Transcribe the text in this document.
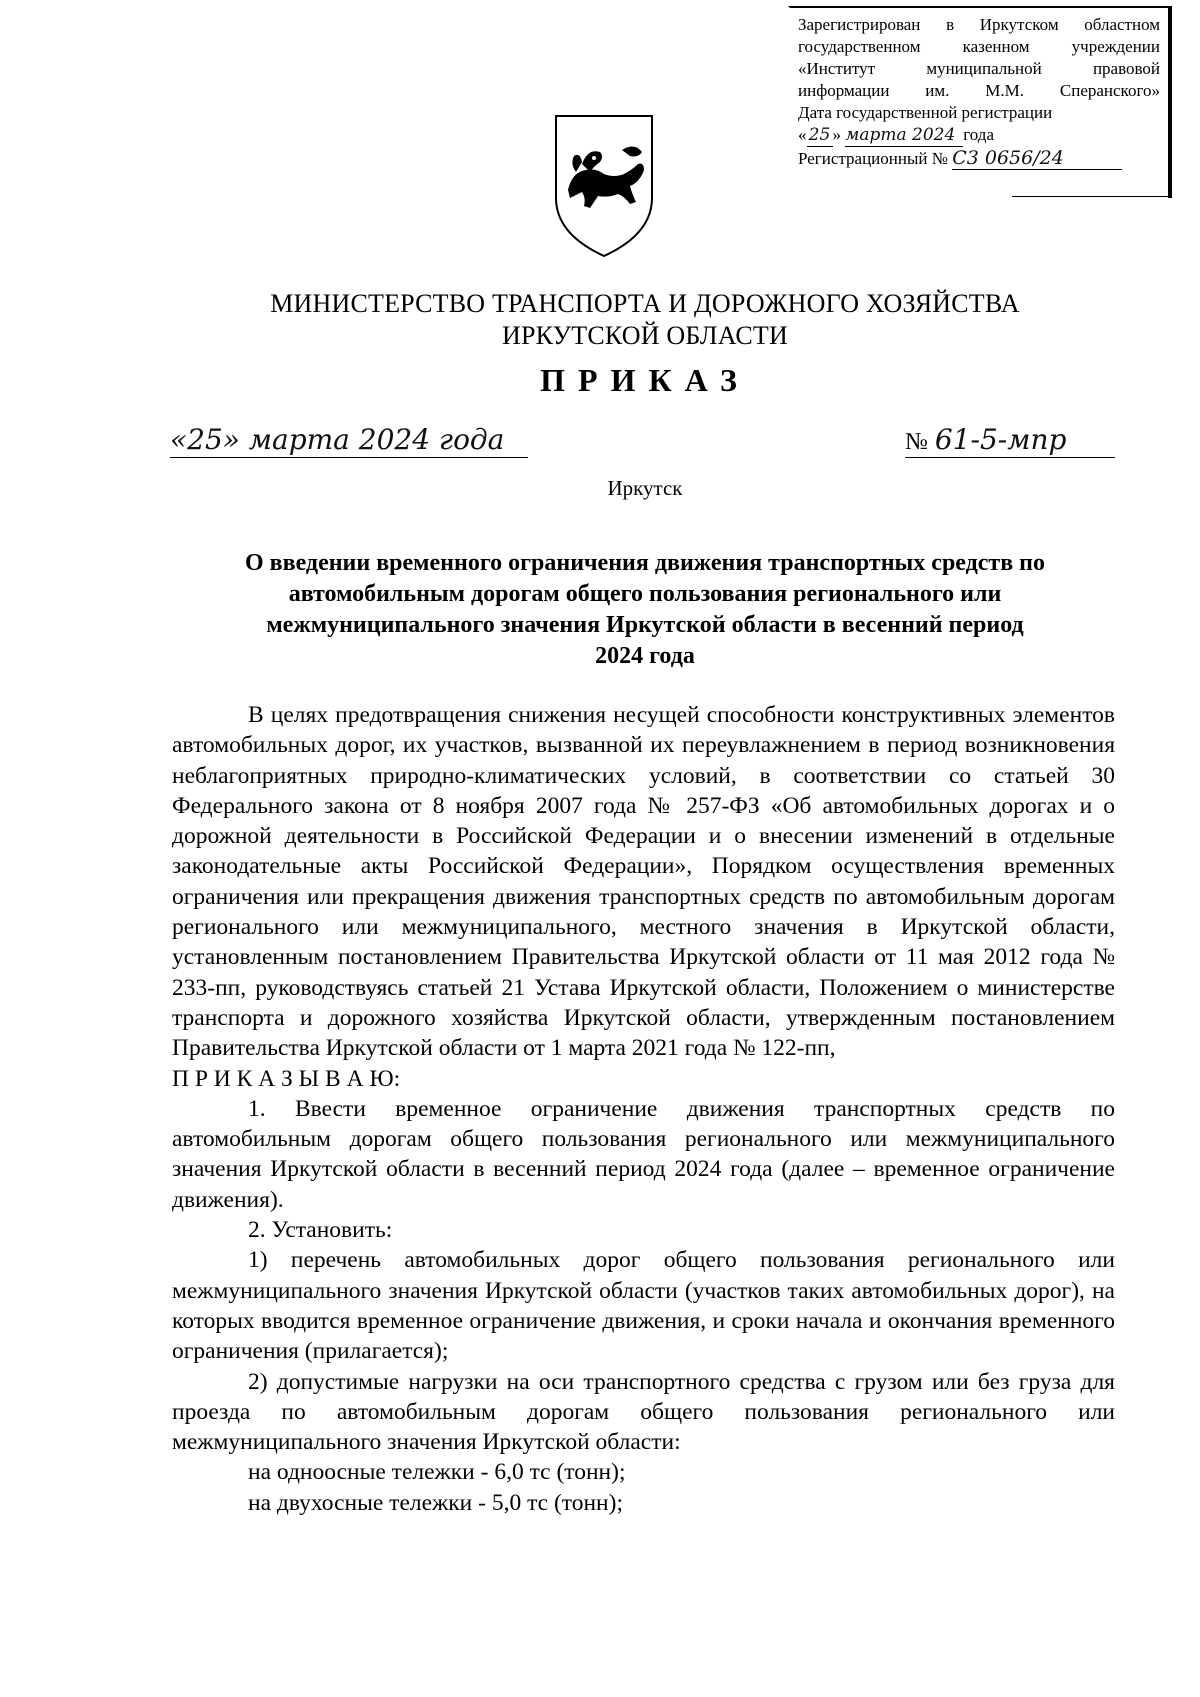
Зарегистрирован в Иркутском областном
государственном казенном учреждении
«Институт муниципальной правовой
информации им. М.М. Сперанского»
Дата государственной регистрации
« 25 » марта 2024 года
Регистрационный № С3 0656/24
МИНИСТЕРСТВО ТРАНСПОРТА И ДОРОЖНОГО ХОЗЯЙСТВА
ИРКУТСКОЙ ОБЛАСТИ
ПРИКАЗ
«25» марта 2024 года	№ 61-5-мпр
Иркутск
О введении временного ограничения движения транспортных средств по
автомобильным дорогам общего пользования регионального или
межмуниципального значения Иркутской области в весенний период
2024 года

В целях предотвращения снижения несущей способности конструктивных элементов автомобильных дорог, их участков, вызванной их переувлажнением в период возникновения неблагоприятных природно-климатических условий, в соответствии со статьей 30 Федерального закона от 8 ноября 2007 года № 257-ФЗ «Об автомобильных дорогах и о дорожной деятельности в Российской Федерации и о внесении изменений в отдельные законодательные акты Российской Федерации», Порядком осуществления временных ограничения или прекращения движения транспортных средств по автомобильным дорогам регионального или межмуниципального, местного значения в Иркутской области, установленным постановлением Правительства Иркутской области от 11 мая 2012 года № 233-пп, руководствуясь статьей 21 Устава Иркутской области, Положением о министерстве транспорта и дорожного хозяйства Иркутской области, утвержденным постановлением Правительства Иркутской области от 1 марта 2021 года № 122-пп,

П Р И К А З Ы В А Ю:

1. Ввести временное ограничение движения транспортных средств по автомобильным дорогам общего пользования регионального или межмуниципального значения Иркутской области в весенний период 2024 года (далее – временное ограничение движения).

2. Установить:

1) перечень автомобильных дорог общего пользования регионального или межмуниципального значения Иркутской области (участков таких автомобильных дорог), на которых вводится временное ограничение движения, и сроки начала и окончания временного ограничения (прилагается);

2) допустимые нагрузки на оси транспортного средства с грузом или без груза для проезда по автомобильным дорогам общего пользования регионального или межмуниципального значения Иркутской области:

на одноосные тележки - 6,0 тс (тонн);

на двухосные тележки - 5,0 тс (тонн);
